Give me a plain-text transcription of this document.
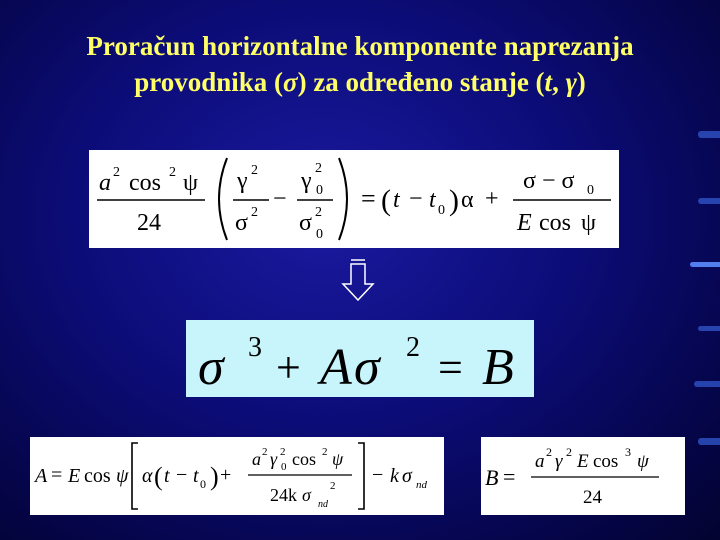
Proračun horizontalne komponente naprezanja
provodnika (σ) za određeno stanje (t, γ)
a 2 cos 2 ψ
24
γ 2
σ 2
−
γ 2
0
σ 2
0
= ( t − t 0 ) α +
σ − σ 0
E cos ψ
σ 3 + A σ 2 = B
A = E cos ψ α ( t − t 0 ) +
a 2 γ 2
0 cos 2 ψ
24k σ nd
2 − k σ nd	B =
a 2 γ 2 E cos 3 ψ
24
